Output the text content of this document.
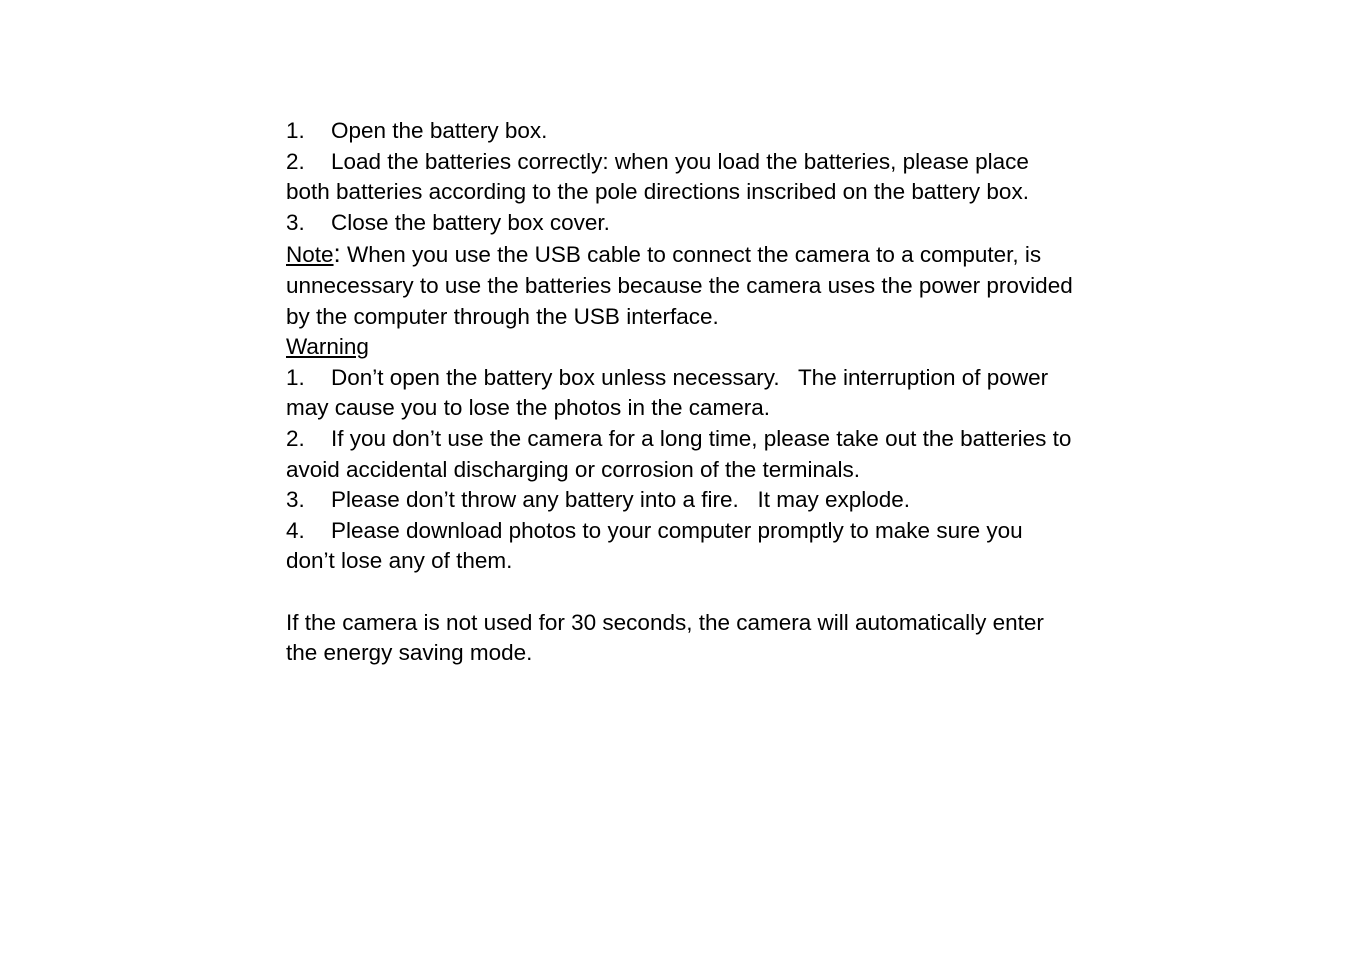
1. Open the battery box.

2. Load the batteries correctly: when you load the batteries, please place both batteries according to the pole directions inscribed on the battery box.

3. Close the battery box cover.

Note: When you use the USB cable to connect the camera to a computer, is unnecessary to use the batteries because the camera uses the power provided by the computer through the USB interface.

Warning

1. Don’t open the battery box unless necessary.   The interruption of power may cause you to lose the photos in the camera.

2. If you don’t use the camera for a long time, please take out the batteries to avoid accidental discharging or corrosion of the terminals.

3. Please don’t throw any battery into a fire.   It may explode.

4. Please download photos to your computer promptly to make sure you don’t lose any of them.

If the camera is not used for 30 seconds, the camera will automatically enter the energy saving mode.
